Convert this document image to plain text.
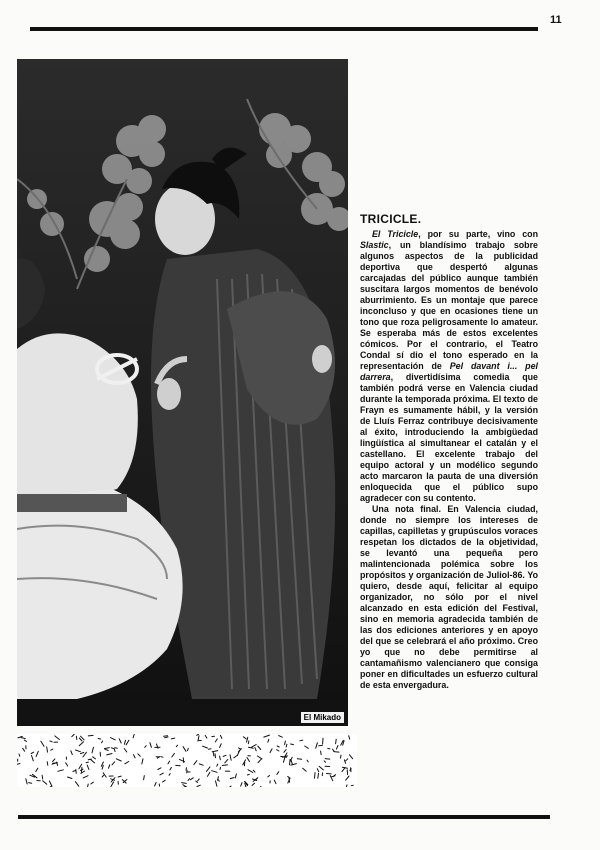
11
El Mikado
TRICICLE.

El Tricicle, por su parte, vino con Slastic, un blandísimo trabajo sobre algunos aspectos de la publicidad deportiva que despertó algunas carcajadas del público aunque también suscitara largos momentos de benévolo aburrimiento. Es un montaje que parece inconcluso y que en ocasiones tiene un tono que roza peligrosamente lo amateur. Se esperaba más de estos excelentes cómicos. Por el contrario, el Teatro Condal sí dio el tono esperado en la representación de Pel davant i... pel darrera, divertidísima comedia que también podrá verse en Valencia ciudad durante la temporada próxima. El texto de Frayn es sumamente hábil, y la versión de Lluís Ferraz contribuye decisivamente al éxito, introduciendo la ambigüedad lingüística al simultanear el catalán y el castellano. El excelente trabajo del equipo actoral y un modélico segundo acto marcaron la pauta de una diversión enloquecida que el público supo agradecer con su contento.

Una nota final. En Valencia ciudad, donde no siempre los intereses de capillas, capilletas y grupúsculos voraces respetan los dictados de la objetividad, se levantó una pequeña pero malintencionada polémica sobre los propósitos y organización de Juliol-86. Yo quiero, desde aquí, felicitar al equipo organizador, no sólo por el nivel alcanzado en esta edición del Festival, sino en memoria agradecida también de las dos ediciones anteriores y en apoyo del que se celebrará el año próximo. Creo yo que no debe permitirse al cantamañismo valencianero que consiga poner en dificultades un esfuerzo cultural de esta envergadura.
